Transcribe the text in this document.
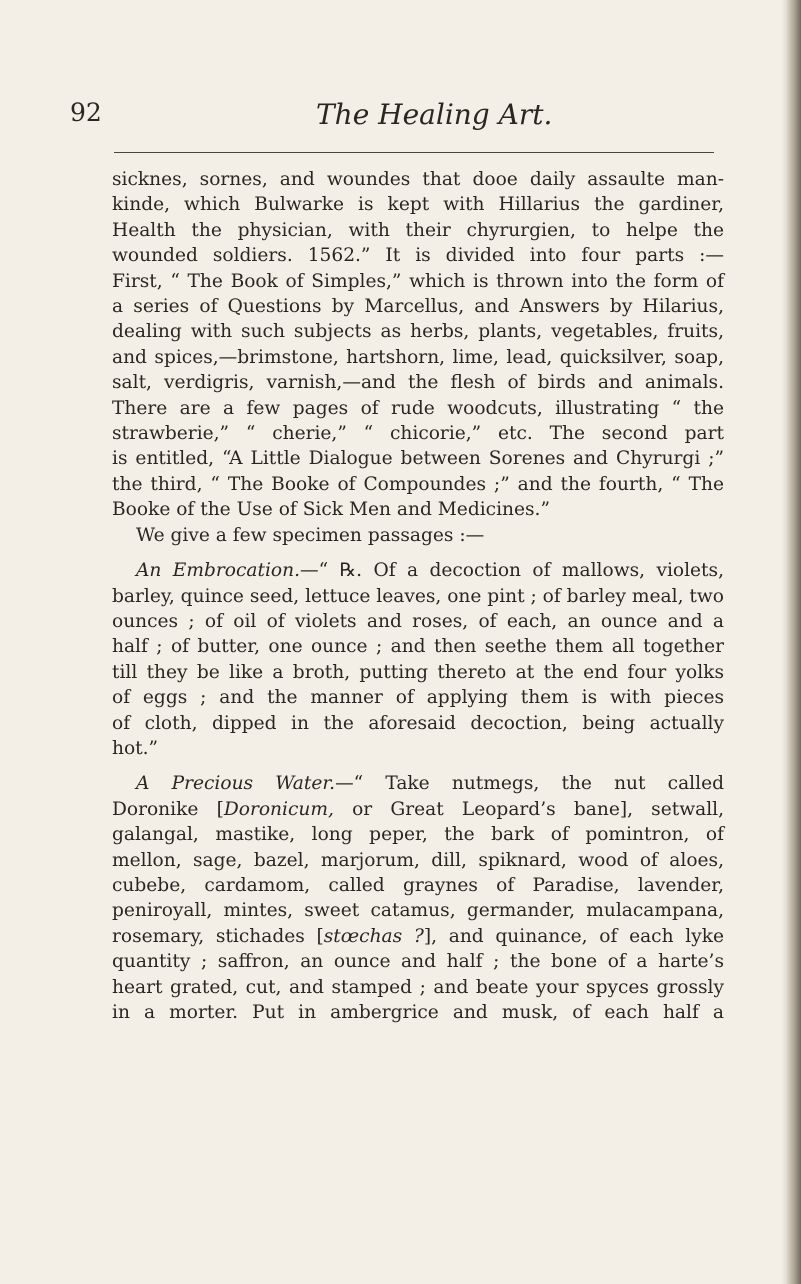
92	The Healing Art.
sicknes, sornes, and woundes that dooe daily assaulte man-
kinde, which Bulwarke is kept with Hillarius the gardiner,
Health the physician, with their chyrurgien, to helpe the
wounded soldiers. 1562.” It is divided into four parts :—
First, “ The Book of Simples,” which is thrown into the form of
a series of Questions by Marcellus, and Answers by Hilarius,
dealing with such subjects as herbs, plants, vegetables, fruits,
and spices,—brimstone, hartshorn, lime, lead, quicksilver, soap,
salt, verdigris, varnish,—and the flesh of birds and animals.
There are a few pages of rude woodcuts, illustrating “ the
strawberie,” “ cherie,” “ chicorie,” etc. The second part
is entitled, “A Little Dialogue between Sorenes and Chyrurgi ;”
the third, “ The Booke of Compoundes ;” and the fourth, “ The
Booke of the Use of Sick Men and Medicines.”
We give a few specimen passages :—
An Embrocation.—“ ℞. Of a decoction of mallows, violets,
barley, quince seed, lettuce leaves, one pint ; of barley meal, two
ounces ; of oil of violets and roses, of each, an ounce and a
half ; of butter, one ounce ; and then seethe them all together
till they be like a broth, putting thereto at the end four yolks
of eggs ; and the manner of applying them is with pieces
of cloth, dipped in the aforesaid decoction, being actually
hot.”
A Precious Water.—“ Take nutmegs, the nut called
Doronike [Doronicum, or Great Leopard’s bane], setwall,
galangal, mastike, long peper, the bark of pomintron, of
mellon, sage, bazel, marjorum, dill, spiknard, wood of aloes,
cubebe, cardamom, called graynes of Paradise, lavender,
peniroyall, mintes, sweet catamus, germander, mulacampana,
rosemary, stichades [stœchas ?], and quinance, of each lyke
quantity ; saffron, an ounce and half ; the bone of a harte’s
heart grated, cut, and stamped ; and beate your spyces grossly
in a morter. Put in ambergrice and musk, of each half a
